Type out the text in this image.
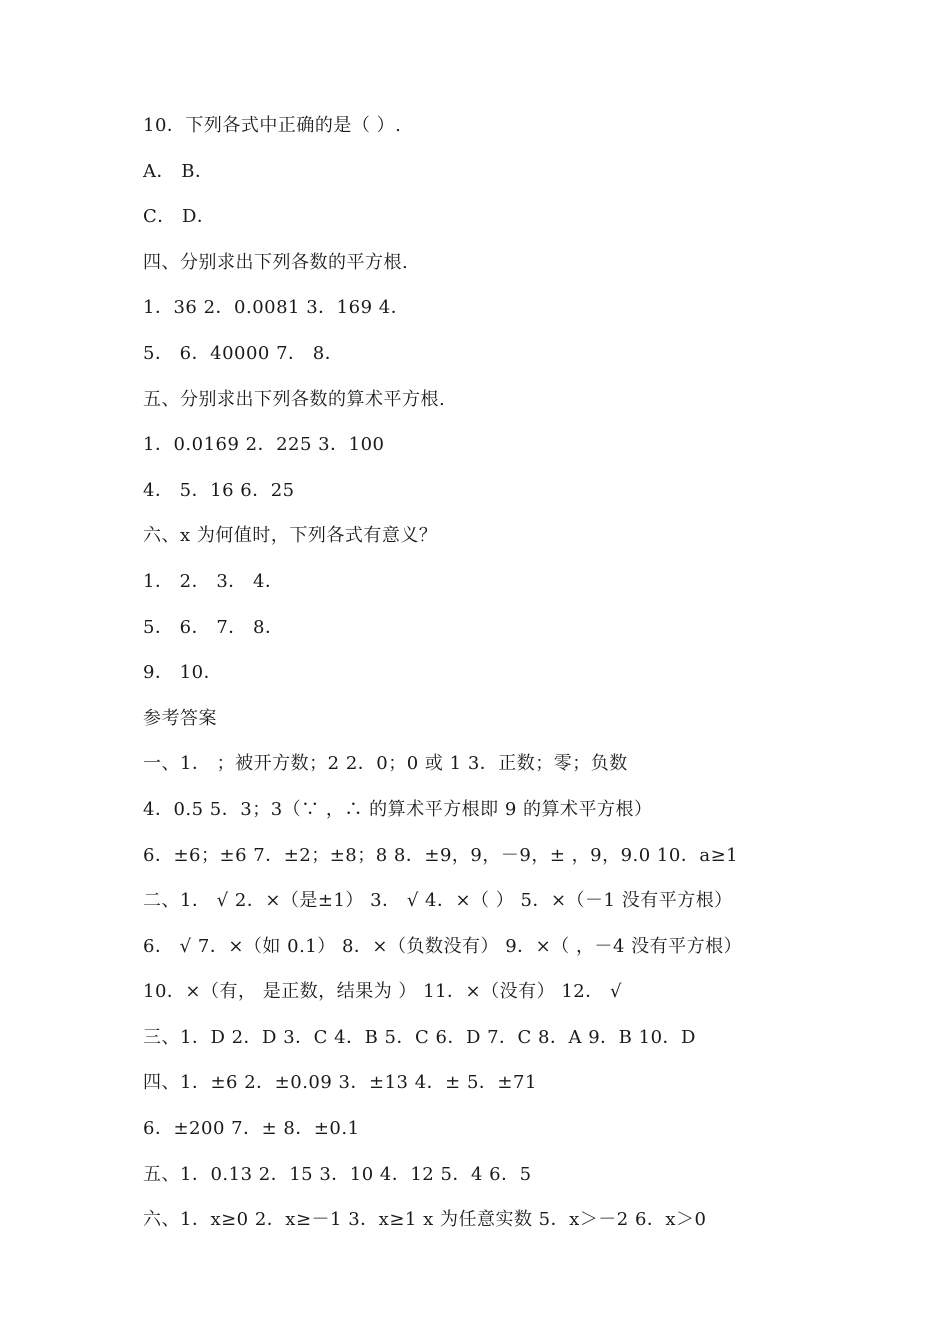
10．下列各式中正确的是（ ）.
A． B．
C． D．
四、分别求出下列各数的平方根.
1．36 2．0.0081 3．169 4．
5． 6．40000 7． 8．
五、分别求出下列各数的算术平方根.
1．0.0169 2．225 3．100
4． 5．16 6．25
六、x 为何值时，下列各式有意义？
1． 2． 3． 4．
5． 6． 7． 8．
9． 10．
参考答案
一、1． ；被开方数；2 2．0；0 或 1 3．正数；零；负数
4．0.5 5．3；3（∵ ，∴ 的算术平方根即 9 的算术平方根）
6．±6；±6 7．±2；±8；8 8．±9，9，－9，± ，9，9.0 10．a≥1
二、1． √ 2．×（是±1） 3． √ 4．×（ ） 5．×（－1 没有平方根）
6． √ 7．×（如 0.1） 8．×（负数没有） 9．×（ ，－4 没有平方根）
10．×（有， 是正数，结果为 ） 11．×（没有） 12． √
三、1．D 2．D 3．C 4．B 5．C 6．D 7．C 8．A 9．B 10．D
四、1．±6 2．±0.09 3．±13 4．± 5．±71
6．±200 7．± 8．±0.1
五、1．0.13 2．15 3．10 4．12 5．4 6．5
六、1．x≥0 2．x≥－1 3．x≥1 x 为任意实数 5．x＞－2 6．x＞0
